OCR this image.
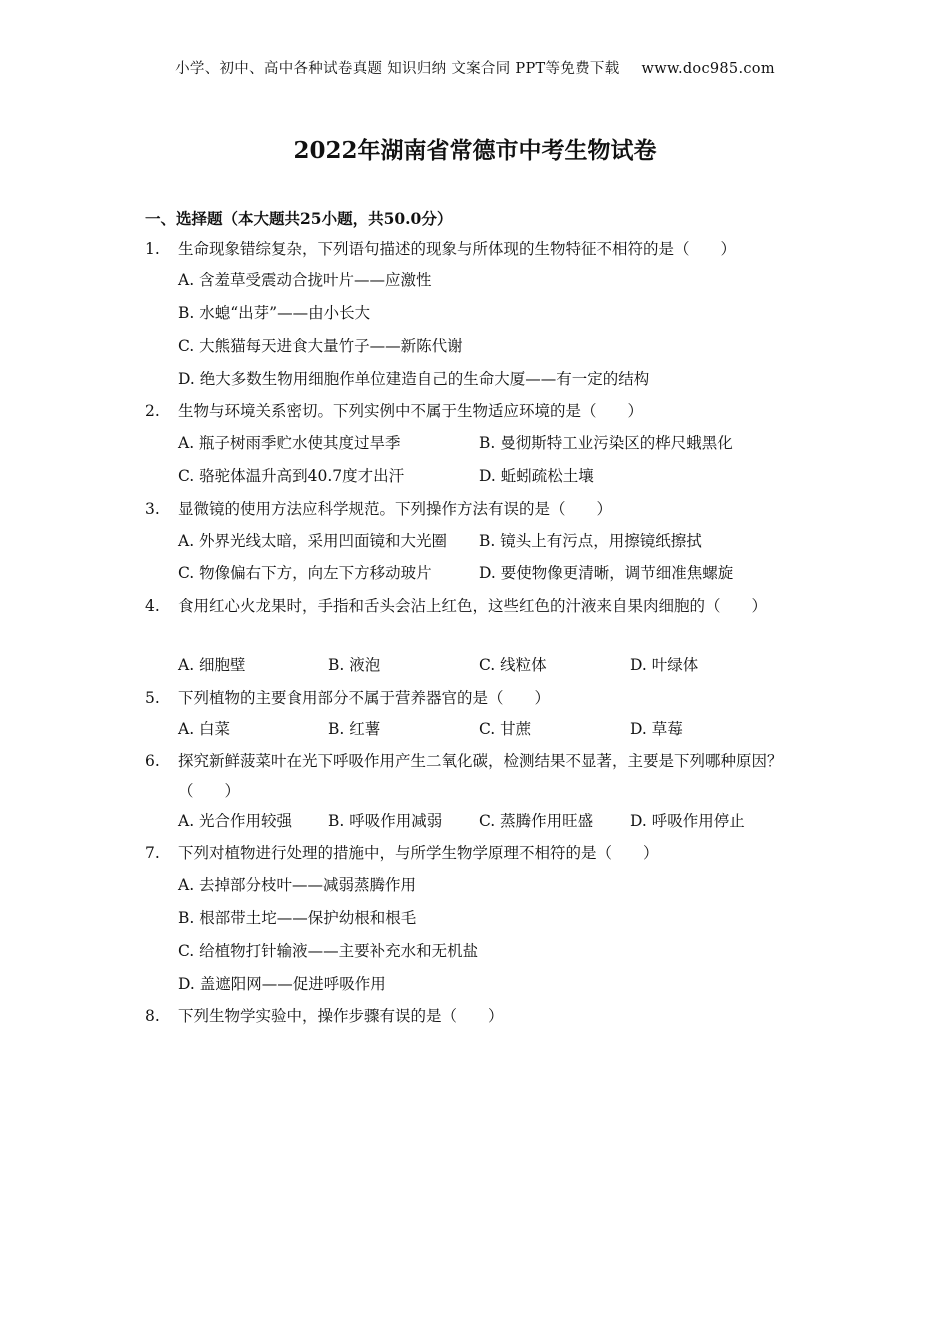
小学、初中、高中各种试卷真题 知识归纳 文案合同 PPT等免费下载 www.doc985.com
2022年湖南省常德市中考生物试卷
一、选择题（本大题共25小题，共50.0分）
1. 生命现象错综复杂，下列语句描述的现象与所体现的生物特征不相符的是（　　）
A. 含羞草受震动合拢叶片——应激性
B. 水螅“出芽”——由小长大
C. 大熊猫每天进食大量竹子——新陈代谢
D. 绝大多数生物用细胞作单位建造自己的生命大厦——有一定的结构
2. 生物与环境关系密切。下列实例中不属于生物适应环境的是（　　）
A. 瓶子树雨季贮水使其度过旱季	B. 曼彻斯特工业污染区的桦尺蛾黑化
C. 骆驼体温升高到40.7度才出汗	D. 蚯蚓疏松土壤
3. 显微镜的使用方法应科学规范。下列操作方法有误的是（　　）
A. 外界光线太暗，采用凹面镜和大光圈 B. 镜头上有污点，用擦镜纸擦拭
C. 物像偏右下方，向左下方移动玻片	D. 要使物像更清晰，调节细准焦螺旋
4. 食用红心火龙果时，手指和舌头会沾上红色，这些红色的汁液来自果肉细胞的（　　）
A. 细胞壁	B. 液泡	C. 线粒体	D. 叶绿体
5. 下列植物的主要食用部分不属于营养器官的是（　　）
A. 白菜	B. 红薯	C. 甘蔗	D. 草莓
6. 探究新鲜菠菜叶在光下呼吸作用产生二氧化碳，检测结果不显著，主要是下列哪种原因？（　　）
A. 光合作用较强 B. 呼吸作用减弱 C. 蒸腾作用旺盛 D. 呼吸作用停止
7. 下列对植物进行处理的措施中，与所学生物学原理不相符的是（　　）
A. 去掉部分枝叶——减弱蒸腾作用
B. 根部带土坨——保护幼根和根毛
C. 给植物打针输液——主要补充水和无机盐
D. 盖遮阳网——促进呼吸作用
8. 下列生物学实验中，操作步骤有误的是（　　）
